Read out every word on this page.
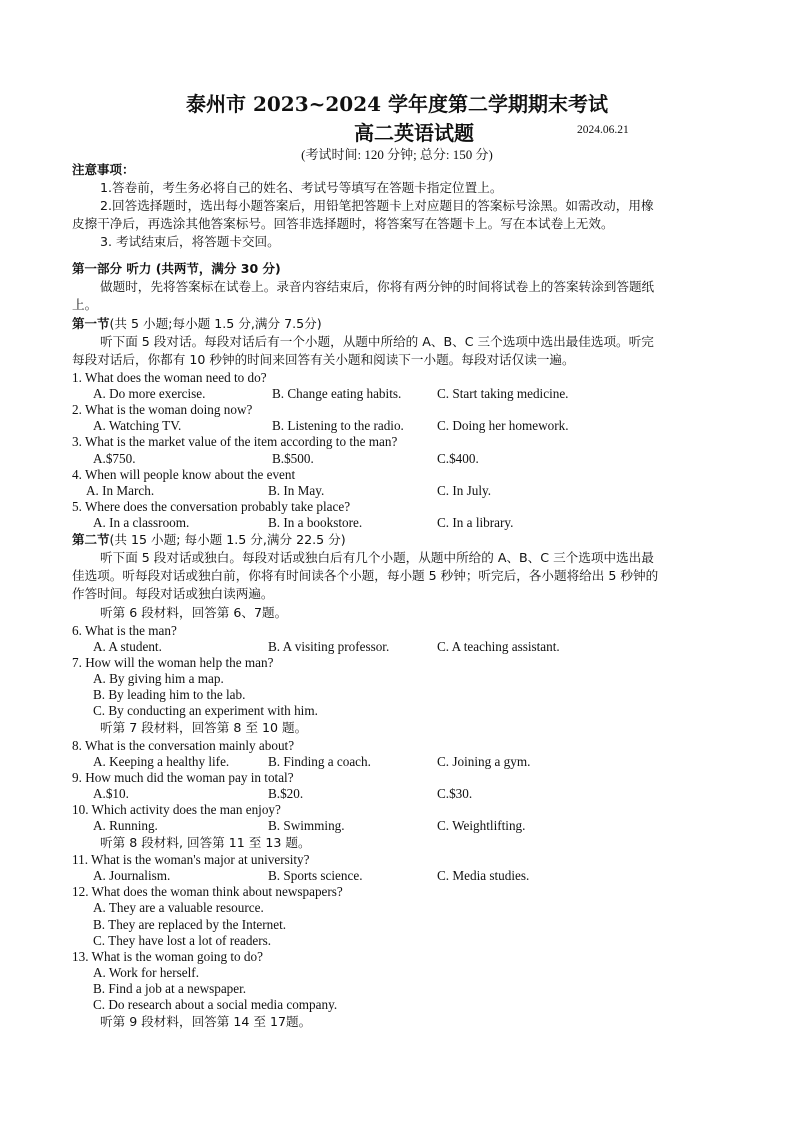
泰州市 2023~2024 学年度第二学期期末考试
高二英语试题	2024.06.21
(考试时间: 120 分钟; 总分: 150 分)
注意事项：
1.答卷前，考生务必将自己的姓名、考试号等填写在答题卡指定位置上。
2.回答选择题时，选出每小题答案后，用铅笔把答题卡上对应题目的答案标号涂黑。如需改动，用橡
皮擦干净后，再选涂其他答案标号。回答非选择题时，将答案写在答题卡上。写在本试卷上无效。
3. 考试结束后，将答题卡交回。
第一部分 听力 (共两节，满分 30 分)
做题时，先将答案标在试卷上。录音内容结束后，你将有两分钟的时间将试卷上的答案转涂到答题纸
上。
第一节(共 5 小题;每小题 1.5 分,满分 7.5分)
听下面 5 段对话。每段对话后有一个小题，从题中所给的 A、B、C 三个选项中选出最佳选项。听完
每段对话后，你都有 10 秒钟的时间来回答有关小题和阅读下一小题。每段对话仅读一遍。
1. What does the woman need to do?
A. Do more exercise.	B. Change eating habits.	C. Start taking medicine.
2. What is the woman doing now?
A. Watching TV.	B. Listening to the radio.	C. Doing her homework.
3. What is the market value of the item according to the man?
A.$750.	B.$500.	C.$400.
4. When will people know about the event
A. In March.	B. In May.	C. In July.
5. Where does the conversation probably take place?
A. In a classroom.	B. In a bookstore.	C. In a library.
第二节(共 15 小题; 每小题 1.5 分,满分 22.5 分)
听下面 5 段对话或独白。每段对话或独白后有几个小题，从题中所给的 A、B、C 三个选项中选出最
佳选项。听每段对话或独白前，你将有时间读各个小题，每小题 5 秒钟；听完后，各小题将给出 5 秒钟的
作答时间。每段对话或独白读两遍。
听第 6 段材料，回答第 6、7题。
6. What is the man?
A. A student.	B. A visiting professor.	C. A teaching assistant.
7. How will the woman help the man?
A. By giving him a map.
B. By leading him to the lab.
C. By conducting an experiment with him.
听第 7 段材料，回答第 8 至 10 题。
8. What is the conversation mainly about?
A. Keeping a healthy life.	B. Finding a coach.	C. Joining a gym.
9. How much did the woman pay in total?
A.$10.	B.$20.	C.$30.
10. Which activity does the man enjoy?
A. Running.	B. Swimming.	C. Weightlifting.
听第 8 段材料, 回答第 11 至 13 题。
11. What is the woman's major at university?
A. Journalism.	B. Sports science.	C. Media studies.
12. What does the woman think about newspapers?
A. They are a valuable resource.
B. They are replaced by the Internet.
C. They have lost a lot of readers.
13. What is the woman going to do?
A. Work for herself.
B. Find a job at a newspaper.
C. Do research about a social media company.
听第 9 段材料，回答第 14 至 17题。
